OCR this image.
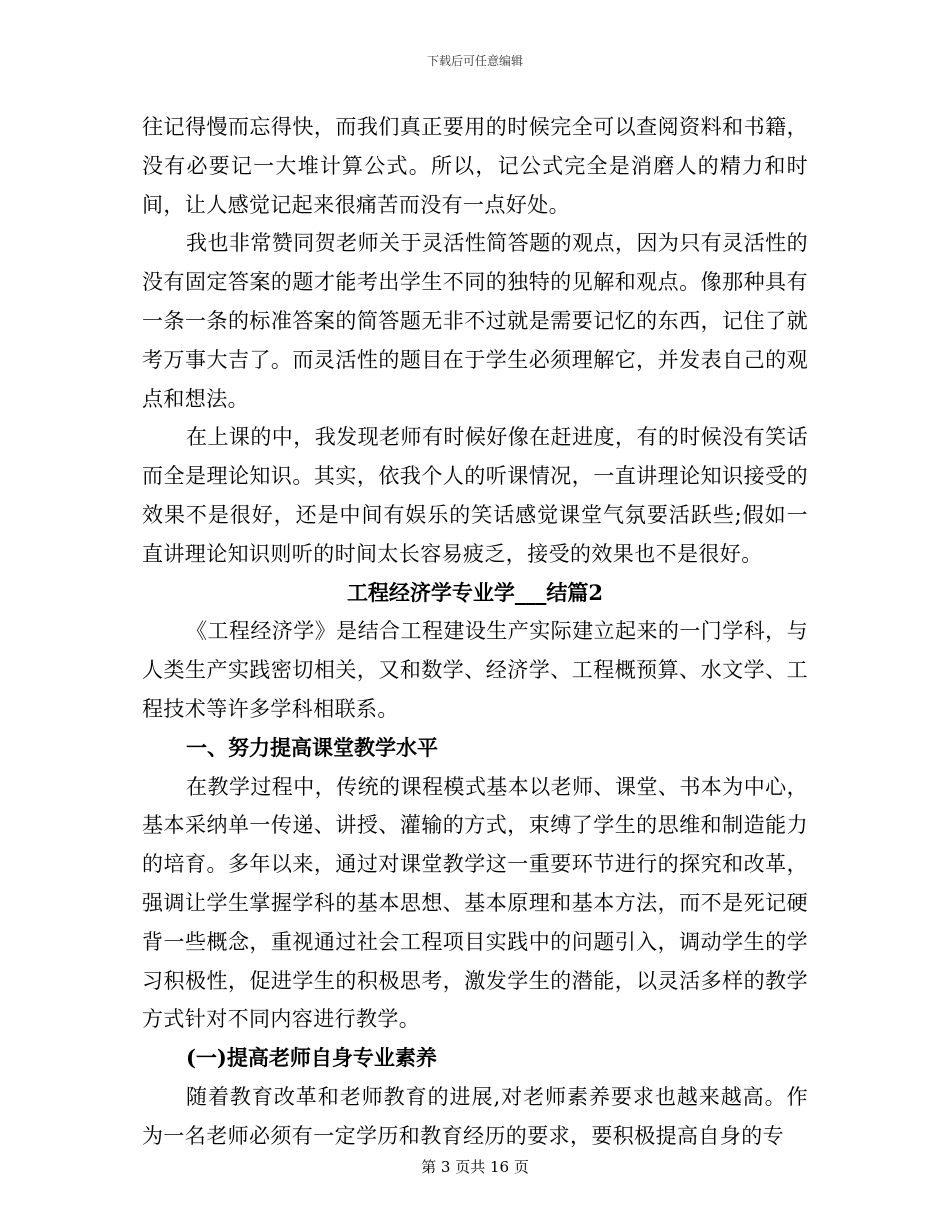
下载后可任意编辑

往记得慢而忘得快，而我们真正要用的时候完全可以查阅资料和书籍，没有必要记一大堆计算公式。所以，记公式完全是消磨人的精力和时间，让人感觉记起来很痛苦而没有一点好处。

我也非常赞同贺老师关于灵活性简答题的观点，因为只有灵活性的没有固定答案的题才能考出学生不同的独特的见解和观点。像那种具有一条一条的标准答案的简答题无非不过就是需要记忆的东西，记住了就考万事大吉了。而灵活性的题目在于学生必须理解它，并发表自己的观点和想法。

在上课的中，我发现老师有时候好像在赶进度，有的时候没有笑话而全是理论知识。其实，依我个人的听课情况，一直讲理论知识接受的效果不是很好，还是中间有娱乐的笑话感觉课堂气氛要活跃些;假如一直讲理论知识则听的时间太长容易疲乏，接受的效果也不是很好。

工程经济学专业学___结篇2

《工程经济学》是结合工程建设生产实际建立起来的一门学科，与人类生产实践密切相关，又和数学、经济学、工程概预算、水文学、工程技术等许多学科相联系。

一、努力提高课堂教学水平

在教学过程中，传统的课程模式基本以老师、课堂、书本为中心，基本采纳单一传递、讲授、灌输的方式，束缚了学生的思维和制造能力的培育。多年以来，通过对课堂教学这一重要环节进行的探究和改革，强调让学生掌握学科的基本思想、基本原理和基本方法，而不是死记硬背一些概念，重视通过社会工程项目实践中的问题引入，调动学生的学习积极性，促进学生的积极思考，激发学生的潜能，以灵活多样的教学方式针对不同内容进行教学。

(一)提高老师自身专业素养

随着教育改革和老师教育的进展,对老师素养要求也越来越高。作为一名老师必须有一定学历和教育经历的要求，要积极提高自身的专

第 3 页共 16 页
